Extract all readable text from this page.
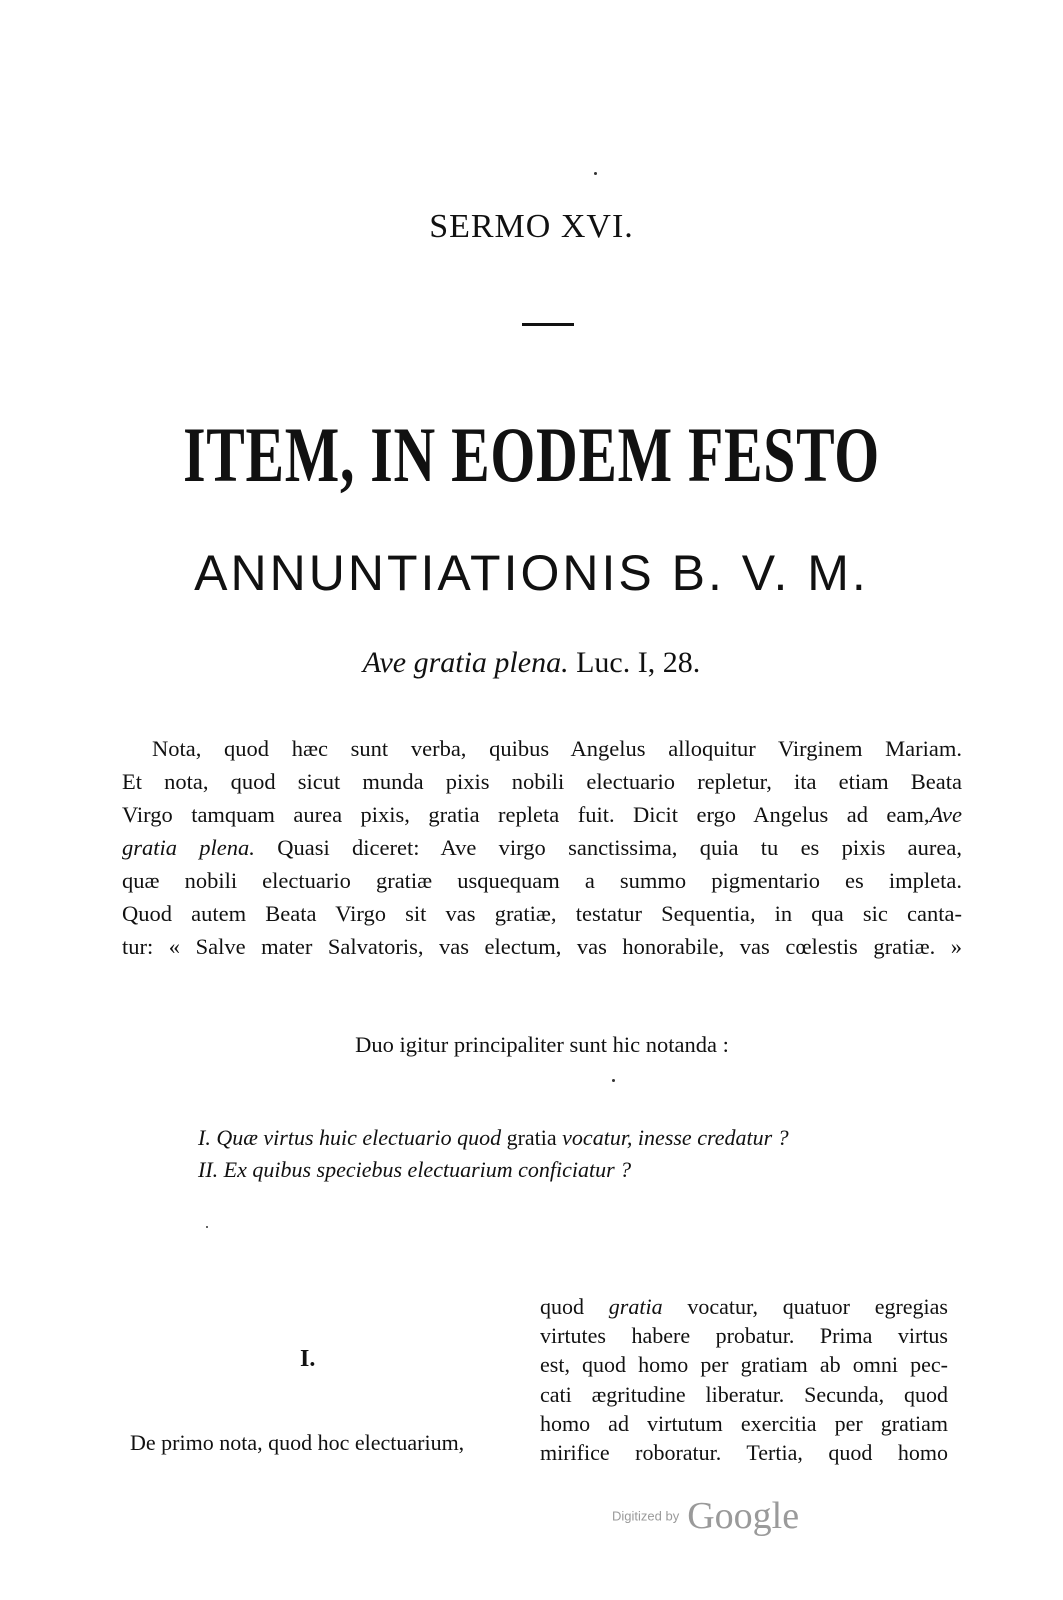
SERMO XVI.
ITEM, IN EODEM FESTO
ANNUNTIATIONIS B. V. M.
Ave gratia plena. Luc. I, 28.
Nota, quod hæc sunt verba, quibus Angelus alloquitur Virginem Mariam.
Et nota, quod sicut munda pixis nobili electuario repletur, ita etiam Beata
Virgo tamquam aurea pixis, gratia repleta fuit. Dicit ergo Angelus ad eam,Ave
gratia plena. Quasi diceret: Ave virgo sanctissima, quia tu es pixis aurea,
quæ nobili electuario gratiæ usquequam a summo pigmentario es impleta.
Quod autem Beata Virgo sit vas gratiæ, testatur Sequentia, in qua sic canta-
tur: « Salve mater Salvatoris, vas electum, vas honorabile, vas cœlestis gratiæ. »
Duo igitur principaliter sunt hic notanda :
I. Quæ virtus huic electuario quod gratia vocatur, inesse credatur ?
II. Ex quibus speciebus electuarium conficiatur ?
I.
De primo nota, quod hoc electuarium,
quod gratia vocatur, quatuor egregias
virtutes habere probatur. Prima virtus
est, quod homo per gratiam ab omni pec-
cati ægritudine liberatur. Secunda, quod
homo ad virtutum exercitia per gratiam
mirifice roboratur. Tertia, quod homo
Digitized by Google
